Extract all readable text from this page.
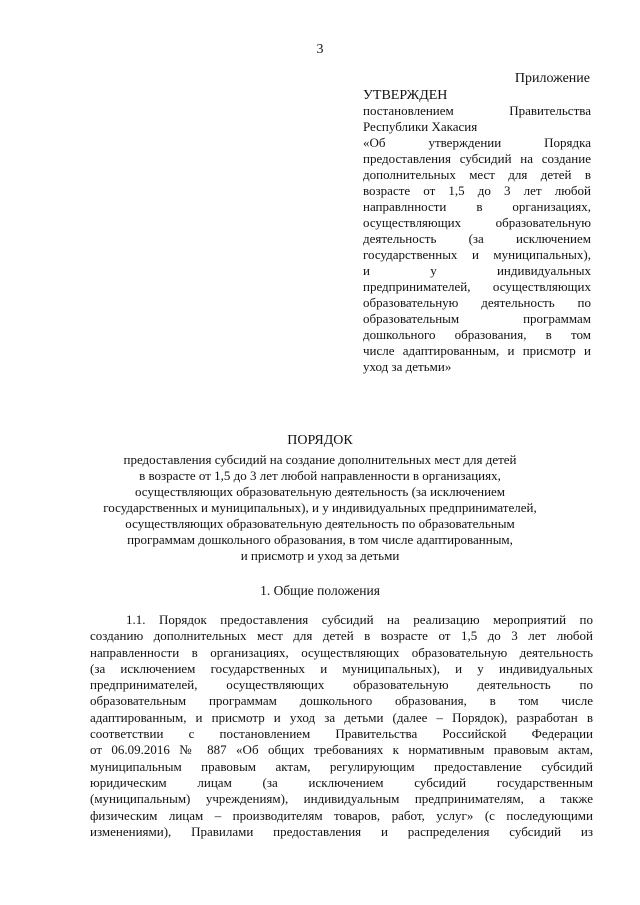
3
Приложение
УТВЕРЖДЕН
постановлением Правительства
Республики Хакасия
«Об утверждении Порядка
предоставления субсидий на создание
дополнительных мест для детей в
возрасте от 1,5 до 3 лет любой
направлнности в организациях,
осуществляющих образовательную
деятельность (за исключением
государственных и муниципальных),
и у индивидуальных
предпринимателей, осуществляющих
образовательную деятельность по
образовательным программам
дошкольного образования, в том
числе адаптированным, и присмотр и
уход за детьми»
ПОРЯДОК
предоставления субсидий на создание дополнительных мест для детей
в возрасте от 1,5 до 3 лет любой направленности в организациях,
осуществляющих образовательную деятельность (за исключением
государственных и муниципальных), и у индивидуальных предпринимателей,
осуществляющих образовательную деятельность по образовательным
программам дошкольного образования, в том числе адаптированным,
и присмотр и уход за детьми
1. Общие положения
1.1. Порядок предоставления субсидий на реализацию мероприятий по
созданию дополнительных мест для детей в возрасте от 1,5 до 3 лет любой
направленности в организациях, осуществляющих образовательную деятельность
(за исключением государственных и муниципальных), и у индивидуальных
предпринимателей, осуществляющих образовательную деятельность по
образовательным программам дошкольного образования, в том числе
адаптированным, и присмотр и уход за детьми (далее – Порядок), разработан в
соответствии с постановлением Правительства Российской Федерации
от 06.09.2016 № 887 «Об общих требованиях к нормативным правовым актам,
муниципальным правовым актам, регулирующим предоставление субсидий
юридическим лицам (за исключением субсидий государственным
(муниципальным) учреждениям), индивидуальным предпринимателям, а также
физическим лицам – производителям товаров, работ, услуг» (с последующими
изменениями), Правилами предоставления и распределения субсидий из
